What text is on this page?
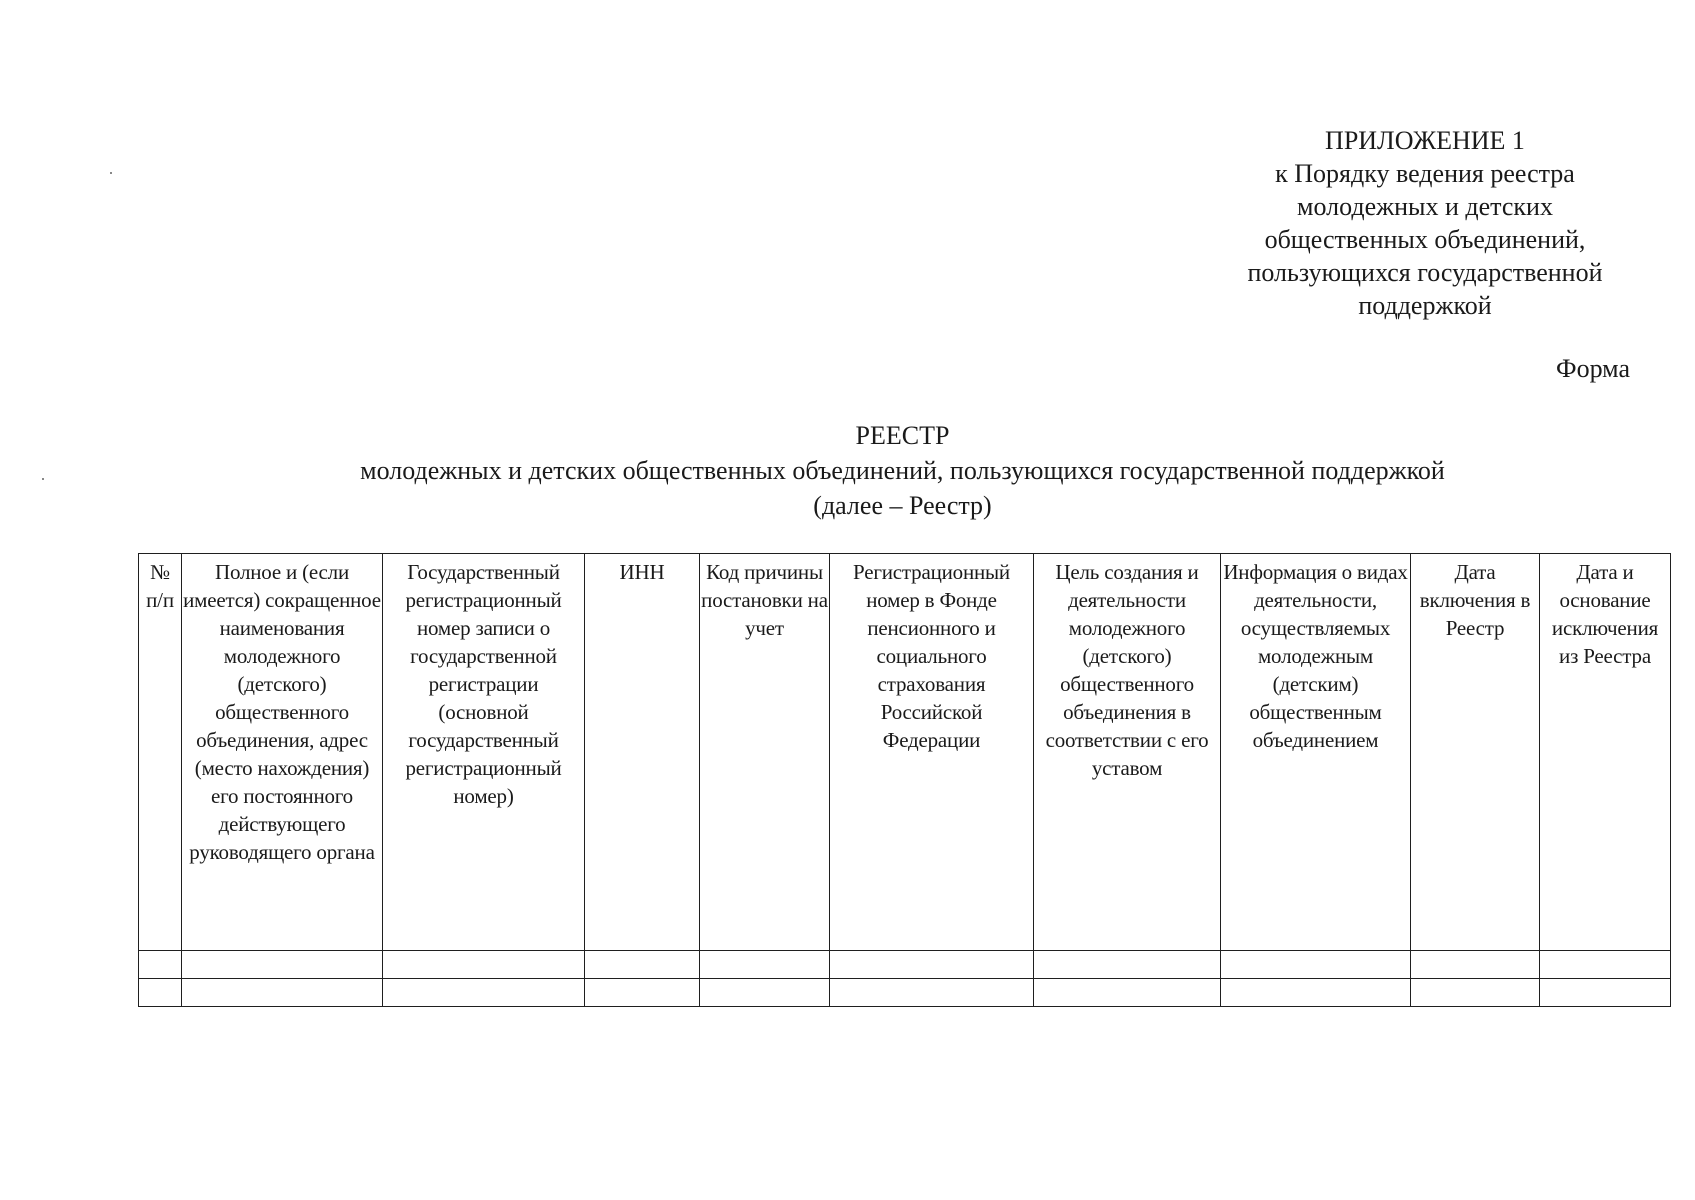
ПРИЛОЖЕНИЕ 1
к Порядку ведения реестра
молодежных и детских
общественных объединений,
пользующихся государственной
поддержкой
Форма
РЕЕСТР
молодежных и детских общественных объединений, пользующихся государственной поддержкой
(далее – Реестр)
№ п/п	Полное и (если имеется) сокращенное наименования молодежного (детского) общественного объединения, адрес (место нахождения) его постоянного действующего руководящего органа	Государственный регистрационный номер записи о государственной регистрации (основной государственный регистрационный номер)	ИНН	Код причины постановки на учет	Регистрационный номер в Фонде пенсионного и социального страхования Российской Федерации	Цель создания и деятельности молодежного (детского) общественного объединения в соответствии с его уставом	Информация о видах деятельности, осуществляемых молодежным (детским) общественным объединением	Дата включения в Реестр	Дата и основание исключения из Реестра
